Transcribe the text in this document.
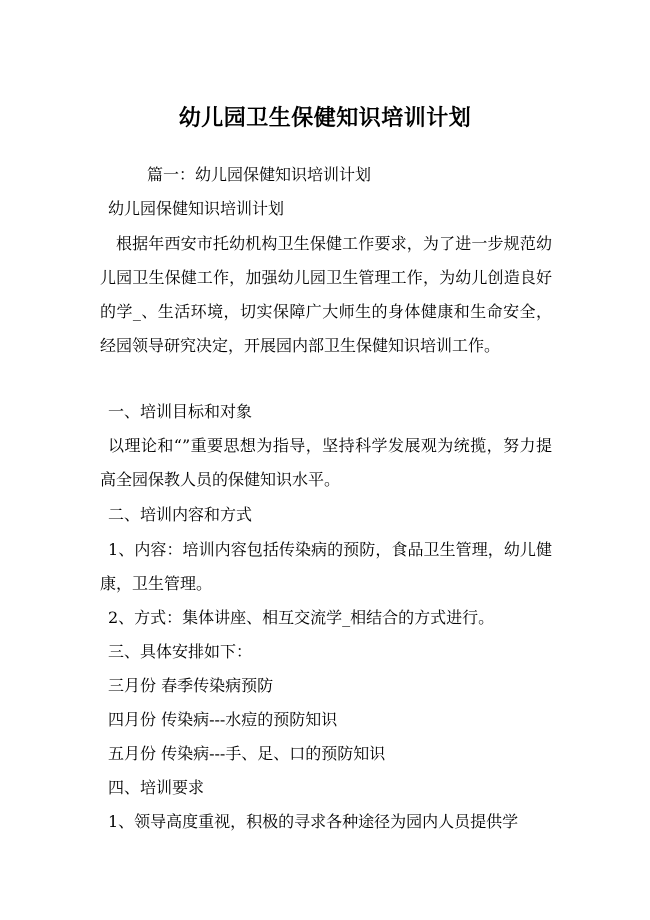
幼儿园卫生保健知识培训计划
篇一：幼儿园保健知识培训计划
幼儿园保健知识培训计划
根据年西安市托幼机构卫生保健工作要求，为了进一步规范幼儿园卫生保健工作，加强幼儿园卫生管理工作，为幼儿创造良好的学_、生活环境，切实保障广大师生的身体健康和生命安全，经园领导研究决定，开展园内部卫生保健知识培训工作。
一、培训目标和对象
以理论和“”重要思想为指导，坚持科学发展观为统揽，努力提高全园保教人员的保健知识水平。
二、培训内容和方式
1、内容：培训内容包括传染病的预防，食品卫生管理，幼儿健康，卫生管理。
2、方式：集体讲座、相互交流学_相结合的方式进行。
三、具体安排如下：
三月份 春季传染病预防
四月份 传染病---水痘的预防知识
五月份 传染病---手、足、口的预防知识
四、培训要求
1、领导高度重视，积极的寻求各种途径为园内人员提供学
